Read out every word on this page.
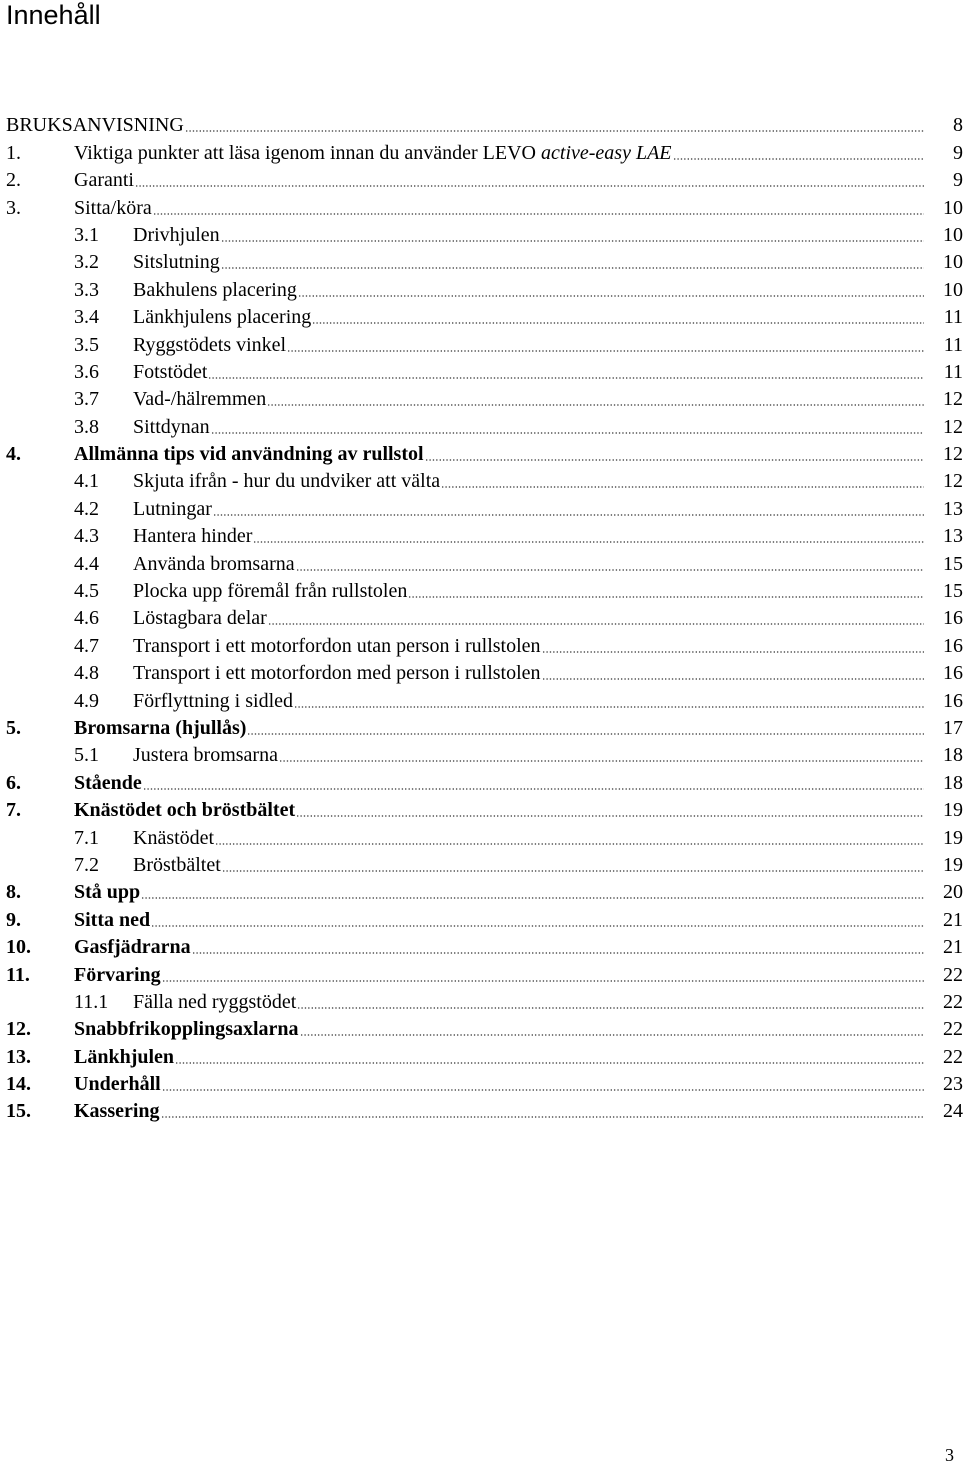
Innehåll
BRUKSANVISNING	8
1.	Viktiga punkter att läsa igenom innan du använder LEVO active-easy LAE	9
2.	Garanti	9
3.	Sitta/köra	10
3.1 Drivhjulen	10
3.2 Sitslutning	10
3.3 Bakhulens placering	10
3.4 Länkhjulens placering	11
3.5 Ryggstödets vinkel	11
3.6 Fotstödet	11
3.7 Vad-/hälremmen	12
3.8 Sittdynan	12
4.	Allmänna tips vid användning av rullstol	12
4.1 Skjuta ifrån - hur du undviker att välta	12
4.2 Lutningar	13
4.3 Hantera hinder	13
4.4 Använda bromsarna	15
4.5 Plocka upp föremål från rullstolen	15
4.6 Löstagbara delar	16
4.7 Transport i ett motorfordon utan person i rullstolen	16
4.8 Transport i ett motorfordon med person i rullstolen	16
4.9 Förflyttning i sidled	16
5.	Bromsarna (hjullås)	17
5.1 Justera bromsarna	18
6.	Stående	18
7.	Knästödet och bröstbältet	19
7.1 Knästödet	19
7.2 Bröstbältet	19
8.	Stå upp	20
9.	Sitta ned	21
10. Gasfjädrarna	21
11. Förvaring	22
11.1 Fälla ned ryggstödet	22
12. Snabbfrikopplingsaxlarna	22
13. Länkhjulen	22
14. Underhåll	23
15. Kassering	24
3
